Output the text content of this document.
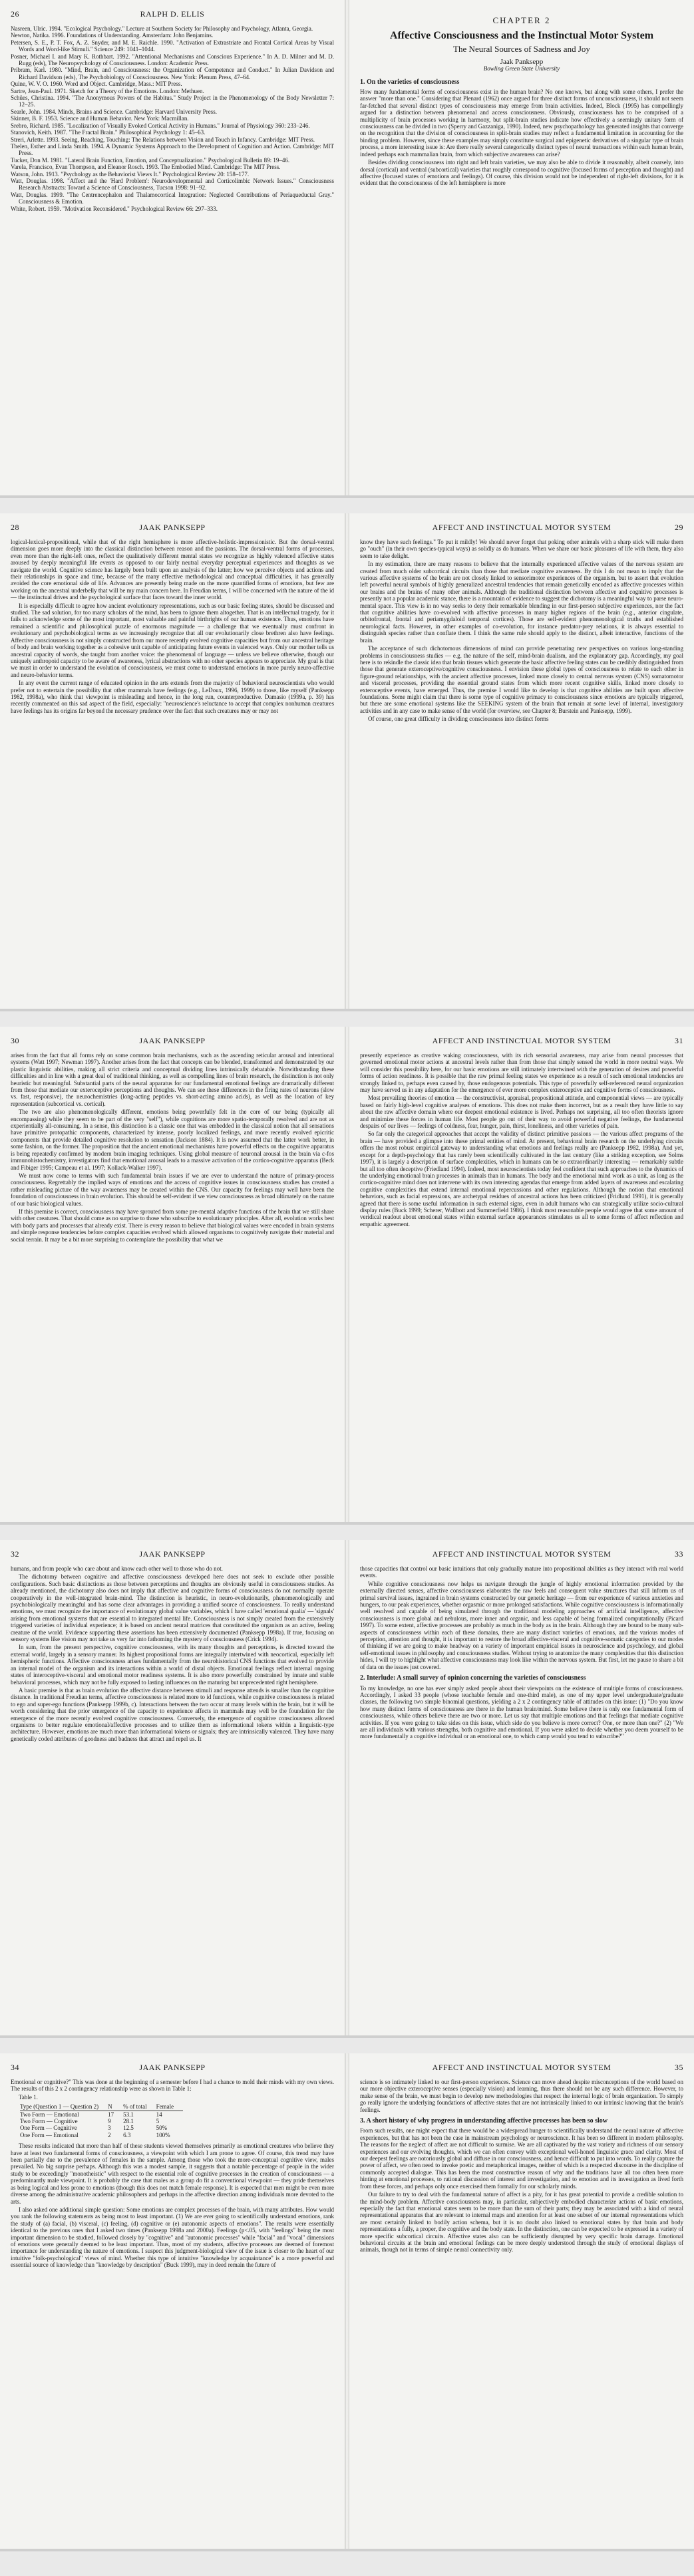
26	RALPH D. ELLIS

Nasreen, Ulric. 1994. "Ecological Psychology." Lecture at Southern Society for Philosophy and Psychology, Atlanta, Georgia.

Newton, Natika. 1996. Foundations of Understanding. Amsterdam: John Benjamins.

Petersen, S. E., P. T. Fox, A. Z. Snyder, and M. E. Raichle. 1990. "Activation of Extrastriate and Frontal Cortical Areas by Visual Words and Word-like Stimuli." Science 249: 1041–1044.

Posner, Michael I. and Mary K. Rothbart. 1992. "Attentional Mechanisms and Conscious Experience." In A. D. Milner and M. D. Rugg (eds), The Neuropsychology of Consciousness. London: Academic Press.

Pribram, Karl. 1980. "Mind, Brain, and Consciousness: the Organization of Competence and Conduct." In Julian Davidson and Richard Davidson (eds), The Psychobiology of Consciousness. New York: Plenum Press, 47–64.

Quine, W. V. O. 1960. Word and Object. Cambridge, Mass.: MIT Press.

Sartre, Jean-Paul. 1971. Sketch for a Theory of the Emotions. London: Methuen.

Schües, Christina. 1994. "The Anonymous Powers of the Habitus." Study Project in the Phenomenology of the Body Newsletter 7: 12–25.

Searle, John. 1984. Minds, Brains and Science. Cambridge: Harvard University Press.

Skinner, B. F. 1953. Science and Human Behavior. New York: Macmillan.

Srebro, Richard. 1985. "Localization of Visually Evoked Cortical Activity in Humans." Journal of Physiology 360: 233–246.

Stanovich, Keith. 1987. "The Fractal Brain." Philosophical Psychology 1: 45–63.

Streri, Arlette. 1993. Seeing, Reaching, Touching: The Relations between Vision and Touch in Infancy. Cambridge: MIT Press.

Thelen, Esther and Linda Smith. 1994. A Dynamic Systems Approach to the Development of Cognition and Action. Cambridge: MIT Press.

Tucker, Don M. 1981. "Lateral Brain Function, Emotion, and Conceptualization." Psychological Bulletin 89: 19–46.

Varela, Francisco, Evan Thompson, and Eleanor Rosch. 1993. The Embodied Mind. Cambridge: The MIT Press.

Watson, John. 1913. "Psychology as the Behaviorist Views It." Psychological Review 20: 158–177.

Watt, Douglas. 1998. "Affect and the 'Hard Problem': Neurodevelopmental and Corticolimbic Network Issues." Consciousness Research Abstracts: Toward a Science of Consciousness, Tucson 1998: 91–92.

Watt, Douglas. 1999. "The Centrencephalon and Thalamocortical Integration: Neglected Contributions of Periaqueductal Gray." Consciousness & Emotion.

White, Robert. 1959. "Motivation Reconsidered." Psychological Review 66: 297–333.

CHAPTER 2
Affective Consciousness and the Instinctual Motor System
The Neural Sources of Sadness and Joy
Jaak Panksepp
Bowling Green State University
1. On the varieties of consciousness

How many fundamental forms of consciousness exist in the human brain? No one knows, but along with some others, I prefer the answer "more than one." Considering that Plenard (1962) once argued for three distinct forms of unconsciousness, it should not seem far-fetched that several distinct types of consciousness may emerge from brain activities. Indeed, Block (1995) has compellingly argued for a distinction between phenomenal and access consciousness. Obviously, consciousness has to be comprised of a multiplicity of brain processes working in harmony, but split-brain studies indicate how effectively a seemingly unitary form of consciousness can be divided in two (Sperry and Gazzaniga, 1990). Indeed, new psychopathology has generated insights that converge on the recognition that the division of consciousness in split-brain studies may reflect a fundamental limitation in accounting for the binding problem. However, since these examples may simply constitute surgical and epigenetic derivatives of a singular type of brain process, a more interesting issue is: Are there really several categorically distinct types of neural transactions within each human brain, indeed perhaps each mammalian brain, from which subjective awareness can arise?

Besides dividing consciousness into right and left brain varieties, we may also be able to divide it reasonably, albeit coarsely, into dorsal (cortical) and ventral (subcortical) varieties that roughly correspond to cognitive (focused forms of perception and thought) and affective (focused states of emotions and feelings). Of course, this division would not be independent of right-left divisions, for it is evident that the consciousness of the left hemisphere is more

28	JAAK PANKSEPP

logical-lexical-propositional, while that of the right hemisphere is more affective-holistic-impressionistic. But the dorsal-ventral dimension goes more deeply into the classical distinction between reason and the passions. The dorsal-ventral forms of processes, even more than the right-left ones, reflect the qualitatively different mental states we recognize as highly valenced affective states aroused by deeply meaningful life events as opposed to our fairly neutral everyday perceptual experiences and thoughts as we navigate the world. Cognitive science has largely been built upon an analysis of the latter; how we perceive objects and actions and their relationships in space and time, because of the many effective methodological and conceptual difficulties, it has generally avoided the core emotional side of life. Advances are presently being made on the more quantified forms of emotions, but few are working on the ancestral underbelly that will be my main concern here. In Freudian terms, I will be concerned with the nature of the id — the instinctual drives and the psychological surface that faces toward the inner world.

It is especially difficult to agree how ancient evolutionary representations, such as our basic feeling states, should be discussed and studied. The sad solution, for too many scholars of the mind, has been to ignore them altogether. That is an intellectual tragedy, for it fails to acknowledge some of the most important, most valuable and painful birthrights of our human existence. Thus, emotions have remained a scientific and philosophical puzzle of enormous magnitude — a challenge that we eventually must confront in evolutionary and psychobiological terms as we increasingly recognize that all our evolutionarily close brethren also have feelings. Affective consciousness is not simply constructed from our more recently evolved cognitive capacities but from our ancestral heritage of body and brain working together as a cohesive unit capable of anticipating future events in valenced ways. Only our mother tells us ancestral capacity of words, she taught from another voice: the phenomenal of language — unless we believe otherwise, though our uniquely anthropoid capacity to be aware of awareness, lyrical abstractions with no other species appears to appreciate. My goal is that we must in order to understand the evolution of consciousness, we must come to understand emotions in more purely neuro-affective and neuro-behavior terms.

In any event the current range of educated opinion in the arts extends from the majority of behavioral neuroscientists who would prefer not to entertain the possibility that other mammals have feelings (e.g., LeDoux, 1996, 1999) to those, like myself (Panksepp 1982, 1998a), who think that viewpoint is misleading and hence, in the long run, counterproductive. Damasio (1999a, p. 39) has recently commented on this sad aspect of the field, especially: "neuroscience's reluctance to accept that complex nonhuman creatures have feelings has its origins far beyond the necessary prudence over the fact that such creatures may or may not

AFFECT AND INSTINCTUAL MOTOR SYSTEM	29

know they have such feelings." To put it mildly! We should never forget that poking other animals with a sharp stick will make them go "ouch" (in their own species-typical ways) as solidly as do humans. When we share our basic pleasures of life with them, they also seem to take delight.

In my estimation, there are many reasons to believe that the internally experienced affective values of the nervous system are created from much older subcortical circuits than those that mediate cognitive awareness. By this I do not mean to imply that the various affective systems of the brain are not closely linked to sensorimotor experiences of the organism, but to assert that evolution left powerful neural symbols of highly generalized ancestral tendencies that remain genetically encoded as affective processes within our brains and the brains of many other animals. Although the traditional distinction between affective and cognitive processes is presently not a popular academic stance, there is a mountain of evidence to suggest the dichotomy is a meaningful way to parse neuro-mental space. This view is in no way seeks to deny their remarkable blending in our first-person subjective experiences, nor the fact that cognitive abilities have co-evolved with affective processes in many higher regions of the brain (e.g., anterior cingulate, orbitofrontal, frontal and periamygdaloid temporal cortices). Those are self-evident phenomenological truths and established neurological facts. However, in other examples of co-evolution, for instance predator-prey relations, it is always essential to distinguish species rather than conflate them. I think the same rule should apply to the distinct, albeit interactive, functions of the brain.

The acceptance of such dichotomous dimensions of mind can provide penetrating new perspectives on various long-standing problems in consciousness studies — e.g. the nature of the self, mind-brain dualism, and the explanatory gap. Accordingly, my goal here is to rekindle the classic idea that brain tissues which generate the basic affective feeling states can be credibly distinguished from those that generate exteroceptive/cognitive consciousness. I envision these global types of consciousness to relate to each other in figure-ground relationships, with the ancient affective processes, linked more closely to central nervous system (CNS) somatomotor and visceral processes, providing the essential ground states from which more recent cognitive skills, linked more closely to exteroceptive events, have emerged. Thus, the premise I would like to develop is that cognitive abilities are built upon affective foundations. Some might claim that there is some type of cognitive primacy to consciousness since emotions are typically triggered, but there are some emotional systems like the SEEKING system of the brain that remain at some level of internal, investigatory activities and in any case to make sense of the world (for overview, see Chapter 8; Burstein and Panksepp, 1999).

Of course, one great difficulty in dividing consciousness into distinct forms

30	JAAK PANKSEPP

arises from the fact that all forms rely on some common brain mechanisms, such as the ascending reticular arousal and intentional systems (Watt 1997; Newman 1997). Another arises from the fact that concepts can be blended, transformed and demonstrated by our plastic linguistic abilities, making all strict criteria and conceptual dividing lines intrinsically debatable. Notwithstanding these difficulties and in line with a great deal of traditional thinking, as well as compelling lines of brain research, the distinction is not only heuristic but meaningful. Substantial parts of the neural apparatus for our fundamental emotional feelings are dramatically different from those that mediate our exteroceptive perceptions and thoughts. We can see these differences in the firing rates of neurons (slow vs. fast, responsive), the neurochemistries (long-acting peptides vs. short-acting amino acids), as well as the location of key representation (subcortical vs. cortical).

The two are also phenomenologically different, emotions being powerfully felt in the core of our being (typically all encompassing) while they seem to be part of the very "self"), while cognitions are more spatio-temporally resolved and are not as experientially all-consuming. In a sense, this distinction is a classic one that was embedded in the classical notion that all sensations have primitive protopathic components, characterized by intense, poorly localized feelings, and more recently evolved epicritic components that provide detailed cognitive resolution to sensation (Jackson 1884). It is now assumed that the latter work better, in some fashion, on the former. The proposition that the ancient emotional mechanisms have powerful effects on the cognitive apparatus is being repeatedly confirmed by modern brain imaging techniques. Using global measure of neuronal arousal in the brain via c-fos immunohistochemistry, investigators find that emotional arousal leads to a massive activation of the cortico-cognitive apparatus (Beck and Fibiger 1995; Campeau et al. 1997; Kollack-Walker 1997).

We must now come to terms with such fundamental brain issues if we are ever to understand the nature of primary-process consciousness. Regrettably the implied ways of emotions and the access of cognitive issues in consciousness studies has created a rather misleading picture of the way awareness may be created within the CNS. Our capacity for feelings may well have been the foundation of consciousness in brain evolution. This should be self-evident if we view consciousness as broad ultimately on the nature of our basic biological values.

If this premise is correct, consciousness may have sprouted from some pre-mental adaptive functions of the brain that we still share with other creatures. That should come as no surprise to those who subscribe to evolutionary principles. After all, evolution works best with body parts and processes that already exist. There is every reason to believe that biological values were encoded in brain systems and simple response tendencies before complex capacities evolved which allowed organisms to cognitively navigate their material and social terrain. It may be a bit more surprising to contemplate the possibility that what we

AFFECT AND INSTINCTUAL MOTOR SYSTEM	31

presently experience as creative waking consciousness, with its rich sensorial awareness, may arise from neural processes that governed emotional motor actions at ancestral levels rather than from those that simply sensed the world in more neutral ways. We will consider this possibility here, for our basic emotions are still intimately intertwined with the generation of desires and powerful forms of action readiness. It is possible that the raw primal feeling states we experience as a result of such emotional tendencies are strongly linked to, perhaps even caused by, those endogenous potentials. This type of powerfully self-referenced neural organization may have served us in any adaptation for the emergence of ever more complex exteroceptive and cognitive forms of consciousness.

Most prevailing theories of emotion — the constructivist, appraisal, propositional attitude, and componential views — are typically based on fairly high-level cognitive analyses of emotions. This does not make them incorrect, but as a result they have little to say about the raw affective domain where our deepest emotional existence is lived. Perhaps not surprising, all too often theorists ignore and minimize these forces in human life. Most people go out of their way to avoid powerful negative feelings, the fundamental despairs of our lives — feelings of coldness, fear, hunger, pain, thirst, loneliness, and other varieties of pain.

So far only the categorical approaches that accept the validity of distinct primitive passions — the various affect programs of the brain — have provided a glimpse into these primal entities of mind. At present, behavioral brain research on the underlying circuits offers the most robust empirical gateway to understanding what emotions and feelings really are (Panksepp 1982, 1998a). And yet, except for a depth-psychology that has rarely been scientifically cultivated in the last century (like a striking exception, see Solms 1997), it is largely a description of surface complexities, which in humans can be so extraordinarily interesting — remarkably subtle but all too often deceptive (Friedland 1994). Indeed, most neuroscientists today feel confident that such approaches to the dynamics of the underlying emotional brain processes in animals than in humans. The body and the emotional mind work as a unit, as long as the cortico-cognitive mind does not intervene with its own interesting agendas that emerge from added layers of awareness and escalating cognitive complexities that extend internal emotional repercussions and other regulations. Although the notion that emotional behaviors, such as facial expressions, are archetypal residues of ancestral actions has been criticized (Fridlund 1991), it is generally agreed that there is some useful information in such external signs, even in adult humans who can strategically utilize socio-cultural display rules (Buck 1999; Scherer, Wallbott and Summerfield 1986). I think most reasonable people would agree that some amount of veridical readout about emotional states within external surface appearances stimulates us all to some forms of affect reflection and empathic agreement.

32	JAAK PANKSEPP

humans, and from people who care about and know each other well to those who do not.

The dichotomy between cognitive and affective consciousness developed here does not seek to exclude other possible configurations. Such basic distinctions as those between perceptions and thoughts are obviously useful in consciousness studies. As already mentioned, the dichotomy also does not imply that affective and cognitive forms of consciousness do not normally operate cooperatively in the well-integrated brain-mind. The distinction is heuristic, in neuro-evolutionarily, phenomenologically and psychobiologically meaningful and has some clear advantages in providing a unified source of consciousness. To really understand emotions, we must recognize the importance of evolutionary global value variables, which I have called 'emotional qualia' — 'signals' arising from emotional systems that are essential to integrated mental life. Consciousness is not simply created from the extensively triggered varieties of individual experience; it is based on ancient neural matrices that constituted the organism as an active, feeling creature of the world. Evidence supporting these assertions has been extensively documented (Panksepp 1998a). If true, focusing on sensory systems like vision may not take us very far into fathoming the mystery of consciousness (Crick 1994).

In sum, from the present perspective, cognitive consciousness, with its many thoughts and perceptions, is directed toward the external world, largely in a sensory manner. Its highest propositional forms are integrally intertwined with neocortical, especially left hemispheric functions. Affective consciousness arises fundamentally from the neurohistorical CNS functions that evolved to provide an internal model of the organism and its interactions within a world of distal objects. Emotional feelings reflect internal ongoing states of interoceptive-visceral and emotional motor readiness systems. It is also more powerfully constrained by innate and stable behavioral processes, which may not be fully exposed to lasting influences on the maturing but unprecedented right hemisphere.

A basic premise is that as brain evolution the affective distance between stimuli and response attends is smaller than the cognitive distance. In traditional Freudian terms, affective consciousness is related more to id functions, while cognitive consciousness is related to ego and super-ego functions (Panksepp 1999b, c). Interactions between the two occur at many levels within the brain, but it will be worth considering that the prior emergence of the capacity to experience affects in mammals may well be the foundation for the emergence of the more recently evolved cognitive consciousness. Conversely, the emergence of cognitive consciousness allowed organisms to better regulate emotional/affective processes and to utilize them as informational tokens within a linguistic-type architecture. However, emotions are much more than informational tokens or signals; they are intrinsically valenced. They have many genetically coded attributes of goodness and badness that attract and repel us. It

AFFECT AND INSTINCTUAL MOTOR SYSTEM	33

those capacities that control our basic intuitions that only gradually mature into propositional abilities as they interact with real world events.

While cognitive consciousness now helps us navigate through the jungle of highly emotional information provided by the externally directed senses, affective consciousness elaborates the raw feels and consequent value structures that still inform us of primal survival issues, ingrained in brain systems constructed by our genetic heritage — from our experience of various anxieties and hungers, to our peak experiences, whether orgasmic or more prolonged satisfactions. While cognitive consciousness is informationally well resolved and capable of being simulated through the traditional modeling approaches of artificial intelligence, affective consciousness is more global and nebulous, more inner and organic, and less capable of being formalized computationally (Picard 1997). To some extent, affective processes are probably as much in the body as in the brain. Although they are bound to be many sub-aspects of consciousness within each of these domains, there are many distinct varieties of emotions, and the various modes of perception, attention and thought, it is important to restore the broad affective-visceral and cognitive-somatic categories to our modes of thinking if we are going to make headway on a variety of important empirical issues in neuroscience and psychology, and global self-emotional issues in philosophy and consciousness studies. Without trying to anatomize the many complexities that this distinction hides, I will try to highlight what affective consciousness may look like within the nervous system. But first, let me pause to share a bit of data on the issues just covered.

2. Interlude: A small survey of opinion concerning the varieties of consciousness

To my knowledge, no one has ever simply asked people about their viewpoints on the existence of multiple forms of consciousness. Accordingly, I asked 33 people (whose teachable female and one-third male), as one of my upper level undergraduate/graduate classes, the following two simple binomial questions, yielding a 2 x 2 contingency table of attitudes on this issue: (1) "Do you know how many distinct forms of consciousness are there in the human brain/mind. Some believe there is only one fundamental form of consciousness, while others believe there are two or more. Let us say that multiple emotions and that feelings that mediate cognitive activities. If you were going to take sides on this issue, which side do you believe is more correct? One, or more than one?" (2) "We are all individuals with various strengths, both cognitive and emotional. If you were asked to decide whether you deem yourself to be more fundamentally a cognitive individual or an emotional one, to which camp would you tend to subscribe?"

34	JAAK PANKSEPP

Emotional or cognitive?" This was done at the beginning of a semester before I had a chance to mold their minds with my own views. The results of this 2 x 2 contingency relationship were as shown in Table 1:

Table 1.

Type (Question 1 — Question 2)	N	% of total	Female
Two Form — Emotional	17	53.1	14
Two Form — Cognitive	9	28.1	5
One Form — Cognitive	3	12.5	50%
One Form — Emotional	2	6.3	100%

These results indicated that more than half of these students viewed themselves primarily as emotional creatures who believe they have at least two fundamental forms of consciousness, a viewpoint with which I am prone to agree. Of course, this trend may have been partially due to the prevalence of females in the sample. Among those who took the more-conceptual cognitive view, males prevailed. No big surprise perhaps. Although this was a modest sample, it suggests that a notable percentage of people in the wider study to be exceedingly "monotheistic" with respect to the essential role of cognitive processes in the creation of consciousness — a predominantly male viewpoint. It is probably the case that males as a group do fit a conventional viewpoint — they pride themselves as being logical and less prone to emotions (though this does not match female response). It is expected that men might be even more diverse among the administrative academic philosophers and perhaps in the affective direction among individuals more devoted to the arts.

I also asked one additional simple question: Some emotions are complex processes of the brain, with many attributes. How would you rank the following statements as being most to least important. (1) We are ever going to scientifically understand emotions, rank the study of (a) facial, (b) visceral, (c) feeling, (d) cognitive or (e) autonomic aspects of emotions". The results were essentially identical to the previous ones that I asked two times (Panksepp 1998a and 2000a). Feelings (p<.05, with "feelings" being the most important dimension to be studied, followed closely by "cognitive" and "autonomic processes" while "facial" and "vocal" dimensions of emotions were generally deemed to be least important. Thus, most of my students, affective processes are deemed of foremost importance for understanding the nature of emotions. I suspect this judgment-biological view of the issue is closer to the heart of our intuitive "folk-psychological" views of mind. Whether this type of intuitive "knowledge by acquaintance" is a more powerful and essential source of knowledge than "knowledge by description" (Buck 1999), may in deed remain the future of

AFFECT AND INSTINCTUAL MOTOR SYSTEM	35

science is so intimately linked to our first-person experiences. Science can move ahead despite misconceptions of the world based on our more objective exteroceptive senses (especially vision) and learning, thus there should not be any such difference. However, to make sense of the brain, we must begin to develop new methodologies that respect the internal logic of brain organization. To simply go really ignore the underlying foundations of affective states that are not intrinsically linked to our intrinsic knowing that the brain's feelings.

3. A short history of why progress in understanding affective processes has been so slow

From such results, one might expect that there would be a widespread hunger to scientifically understand the neural nature of affective experiences, but that has not been the case in mainstream psychology or neuroscience. It has been so different in modern philosophy. The reasons for the neglect of affect are not difficult to surmise. We are all captivated by the vast variety and richness of our sensory experiences and our evolving thoughts, which we can often convey with exceptional well-honed linguistic grace and clarity. Most of our deepest feelings are notoriously global and diffuse in our consciousness, and hence difficult to put into words. To really capture the power of affect, we often need to invoke poetic and metaphorical images, neither of which is a respected discourse in the discipline of commonly accepted dialogue. This has been the most constructive reason of why and the traditions have all too often been more hinting at emotional processes, to rational discussion of interest and investigation, and to emotion and its investigation as lived forth from these forces, and perhaps only once exercised them formally for our scholarly minds.

Our failure to try to deal with the fundamental nature of affect is a pity, for it has great potential to provide a credible solution to the mind-body problem. Affective consciousness may, in particular, subjectively embodied characterize actions of basic emotions, especially the fact that emotional states seem to be more than the sum of their parts; they may be associated with a kind of neural representational apparatus that are relevant to internal maps and attention for at least one subset of our internal representations which are most certainly linked to bodily action schema, but it is no doubt also linked to emotional states by that brain and body representations a fully, a proper, the cognitive and the body state. In the distinction, one can be expected to be expressed in a variety of more specific subcortical circuits. Affective states also can be sufficiently disrupted by very specific brain damage. Emotional behavioral circuits at the brain and emotional feelings can be more deeply understood through the study of emotional displays of animals, though not in terms of simple neural connectivity only.
